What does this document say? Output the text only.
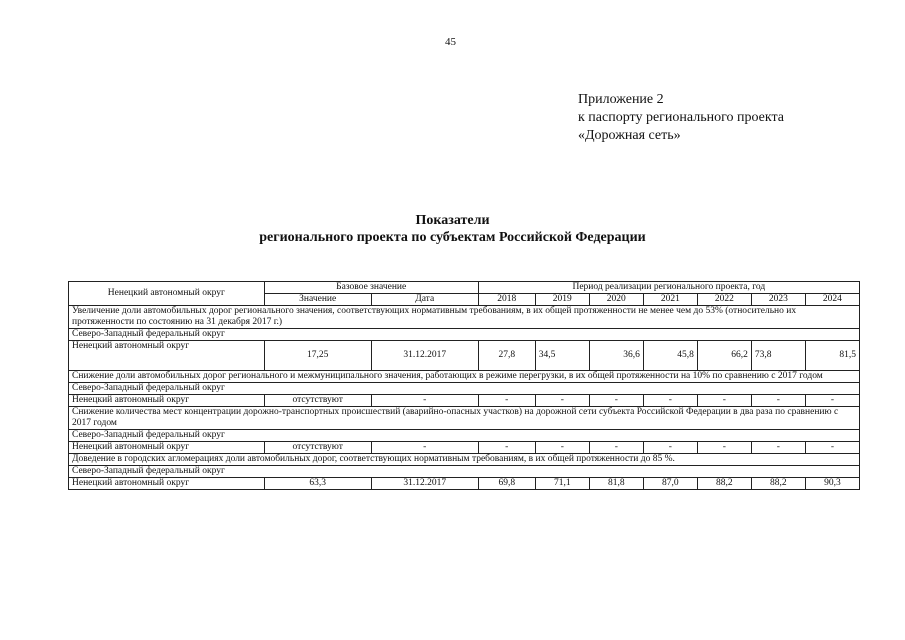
45
Приложение 2
к паспорту регионального проекта
«Дорожная сеть»
Показатели
регионального проекта по субъектам Российской Федерации
Ненецкий автономный округ	Базовое значение		Период реализации регионального проекта, год						
	Значение	Дата	2018	2019	2020	2021	2022	2023	2024
Увеличение доли автомобильных дорог регионального значения, соответствующих нормативным требованиям, в их общей протяженности не менее чем до 53% (относительно их протяженности по состоянию на 31 декабря 2017 г.)									
Северо-Западный федеральный округ									
Ненецкий автономный округ	17,25	31.12.2017	27,8	34,5	36,6	45,8	66,2	73,8	81,5
Снижение доли автомобильных дорог регионального и межмуниципального значения, работающих в режиме перегрузки, в их общей протяженности на 10% по сравнению с 2017 годом									
Северо-Западный федеральный округ									
Ненецкий автономный округ	отсутствуют	-	-	-	-	-	-	-	-
Снижение количества мест концентрации дорожно-транспортных происшествий (аварийно-опасных участков) на дорожной сети субъекта Российской Федерации в два раза по сравнению с 2017 годом									
Северо-Западный федеральный округ									
Ненецкий автономный округ	отсутствуют	-	-	-	-	-	-	-	-
Доведение в городских агломерациях доли автомобильных дорог, соответствующих нормативным требованиям, в их общей протяженности до 85 %.									
Северо-Западный федеральный округ									
Ненецкий автономный округ	63,3	31.12.2017	69,8	71,1	81,8	87,0	88,2	88,2	90,3
